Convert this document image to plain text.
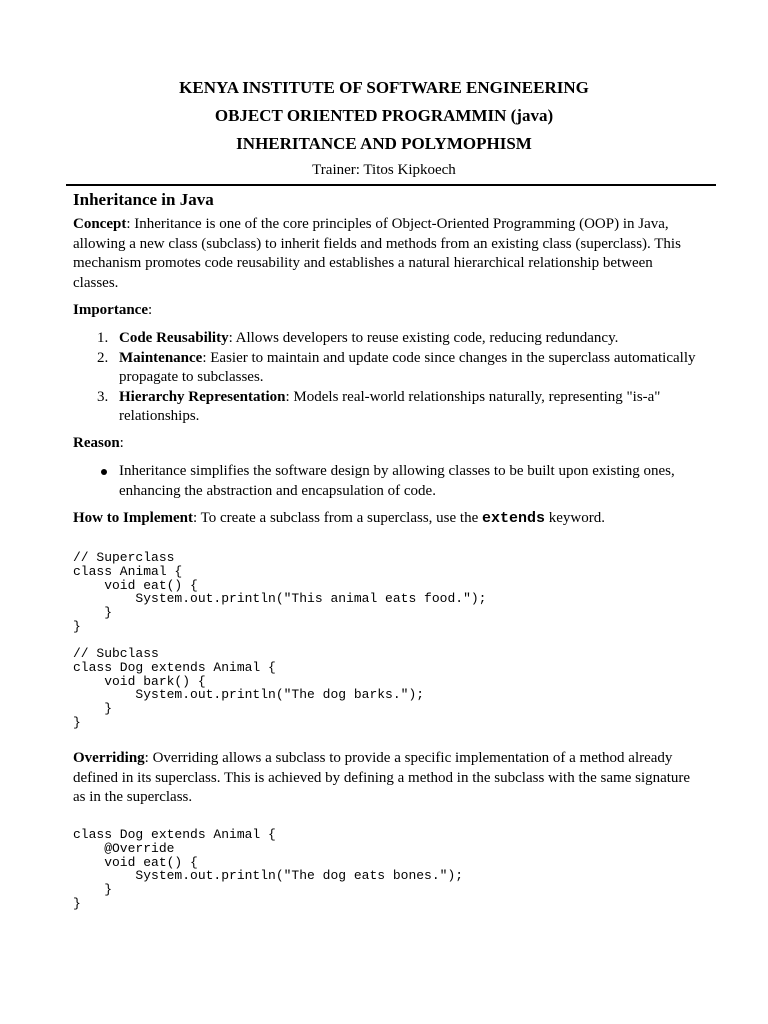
KENYA INSTITUTE OF SOFTWARE ENGINEERING
OBJECT ORIENTED PROGRAMMIN (java)
INHERITANCE AND POLYMOPHISM
Trainer: Titos Kipkoech
Inheritance in Java
Concept: Inheritance is one of the core principles of Object-Oriented Programming (OOP) in Java, allowing a new class (subclass) to inherit fields and methods from an existing class (superclass). This mechanism promotes code reusability and establishes a natural hierarchical relationship between classes.
Importance:
1. Code Reusability: Allows developers to reuse existing code, reducing redundancy.
2. Maintenance: Easier to maintain and update code since changes in the superclass automatically propagate to subclasses.
3. Hierarchy Representation: Models real-world relationships naturally, representing "is-a" relationships.
Reason:
Inheritance simplifies the software design by allowing classes to be built upon existing ones, enhancing the abstraction and encapsulation of code.
How to Implement: To create a subclass from a superclass, use the extends keyword.
// Superclass
class Animal {
void eat() {
System.out.println("This animal eats food.");
}
}
// Subclass
class Dog extends Animal {
void bark() {
System.out.println("The dog barks.");
}
}
Overriding: Overriding allows a subclass to provide a specific implementation of a method already defined in its superclass. This is achieved by defining a method in the subclass with the same signature as in the superclass.
class Dog extends Animal {
@Override
void eat() {
System.out.println("The dog eats bones.");
}
}
